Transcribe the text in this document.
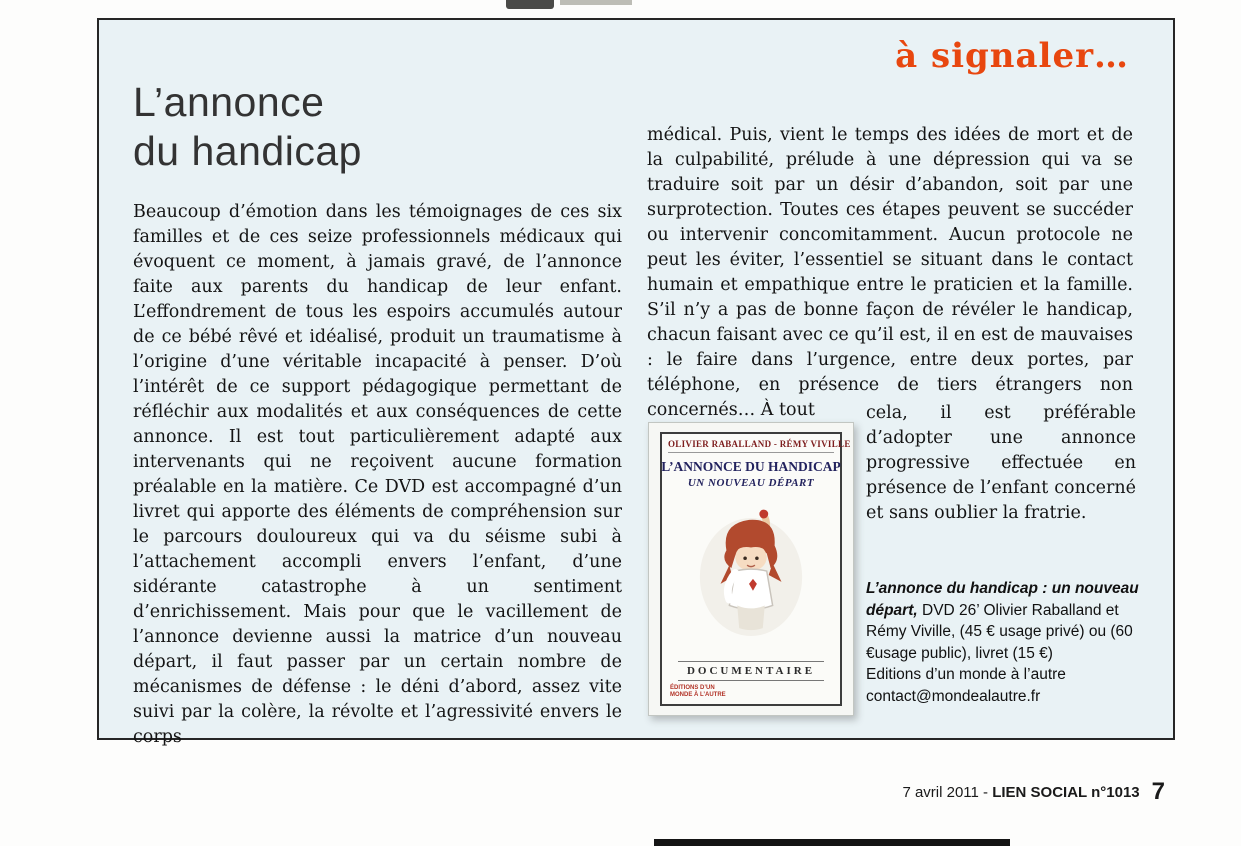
à signaler…
L’annonce
du handicap
Beaucoup d’émotion dans les témoignages de ces six familles et de ces seize professionnels médicaux qui évoquent ce moment, à jamais gravé, de l’annonce faite aux parents du handicap de leur enfant. L’effondrement de tous les espoirs accumulés autour de ce bébé rêvé et idéalisé, produit un traumatisme à l’origine d’une véritable incapacité à penser. D’où l’intérêt de ce support pédagogique permettant de réfléchir aux modalités et aux conséquences de cette annonce. Il est tout particulièrement adapté aux intervenants qui ne reçoivent aucune formation préalable en la matière. Ce DVD est accompagné d’un livret qui apporte des éléments de compréhension sur le parcours douloureux qui va du séisme subi à l’attachement accompli envers l’enfant, d’une sidérante catastrophe à un sentiment d’enrichissement. Mais pour que le vacillement de l’annonce devienne aussi la matrice d’un nouveau départ, il faut passer par un certain nombre de mécanismes de défense : le déni d’abord, assez vite suivi par la colère, la révolte et l’agressivité envers le corps
médical. Puis, vient le temps des idées de mort et de la culpabilité, prélude à une dépression qui va se traduire soit par un désir d’abandon, soit par une surprotection. Toutes ces étapes peuvent se succéder ou intervenir concomitamment. Aucun protocole ne peut les éviter, l’essentiel se situant dans le contact humain et empathique entre le praticien et la famille. S’il n’y a pas de bonne façon de révéler le handicap, chacun faisant avec ce qu’il est, il en est de mauvaises : le faire dans l’urgence, entre deux portes, par téléphone, en présence de tiers étrangers non concernés… À tout	cela, il est préférable d’adopter une annonce progressive effectuée en présence de l’enfant concerné et sans oublier la fratrie.
OLIVIER RABALLAND - RÉMY VIVILLE
L’ANNONCE DU HANDICAP
UN NOUVEAU DÉPART
DOCUMENTAIRE
ÉDITIONS D’UN MONDE À L’AUTRE
L’annonce du handicap : un nouveau départ, DVD 26’ Olivier Raballand et Rémy Viville, (45 € usage privé) ou (60 €usage public), livret (15 €)
Editions d’un monde à l’autre
contact@mondealautre.fr
7 avril 2011 - LIEN SOCIAL n°1013 7
